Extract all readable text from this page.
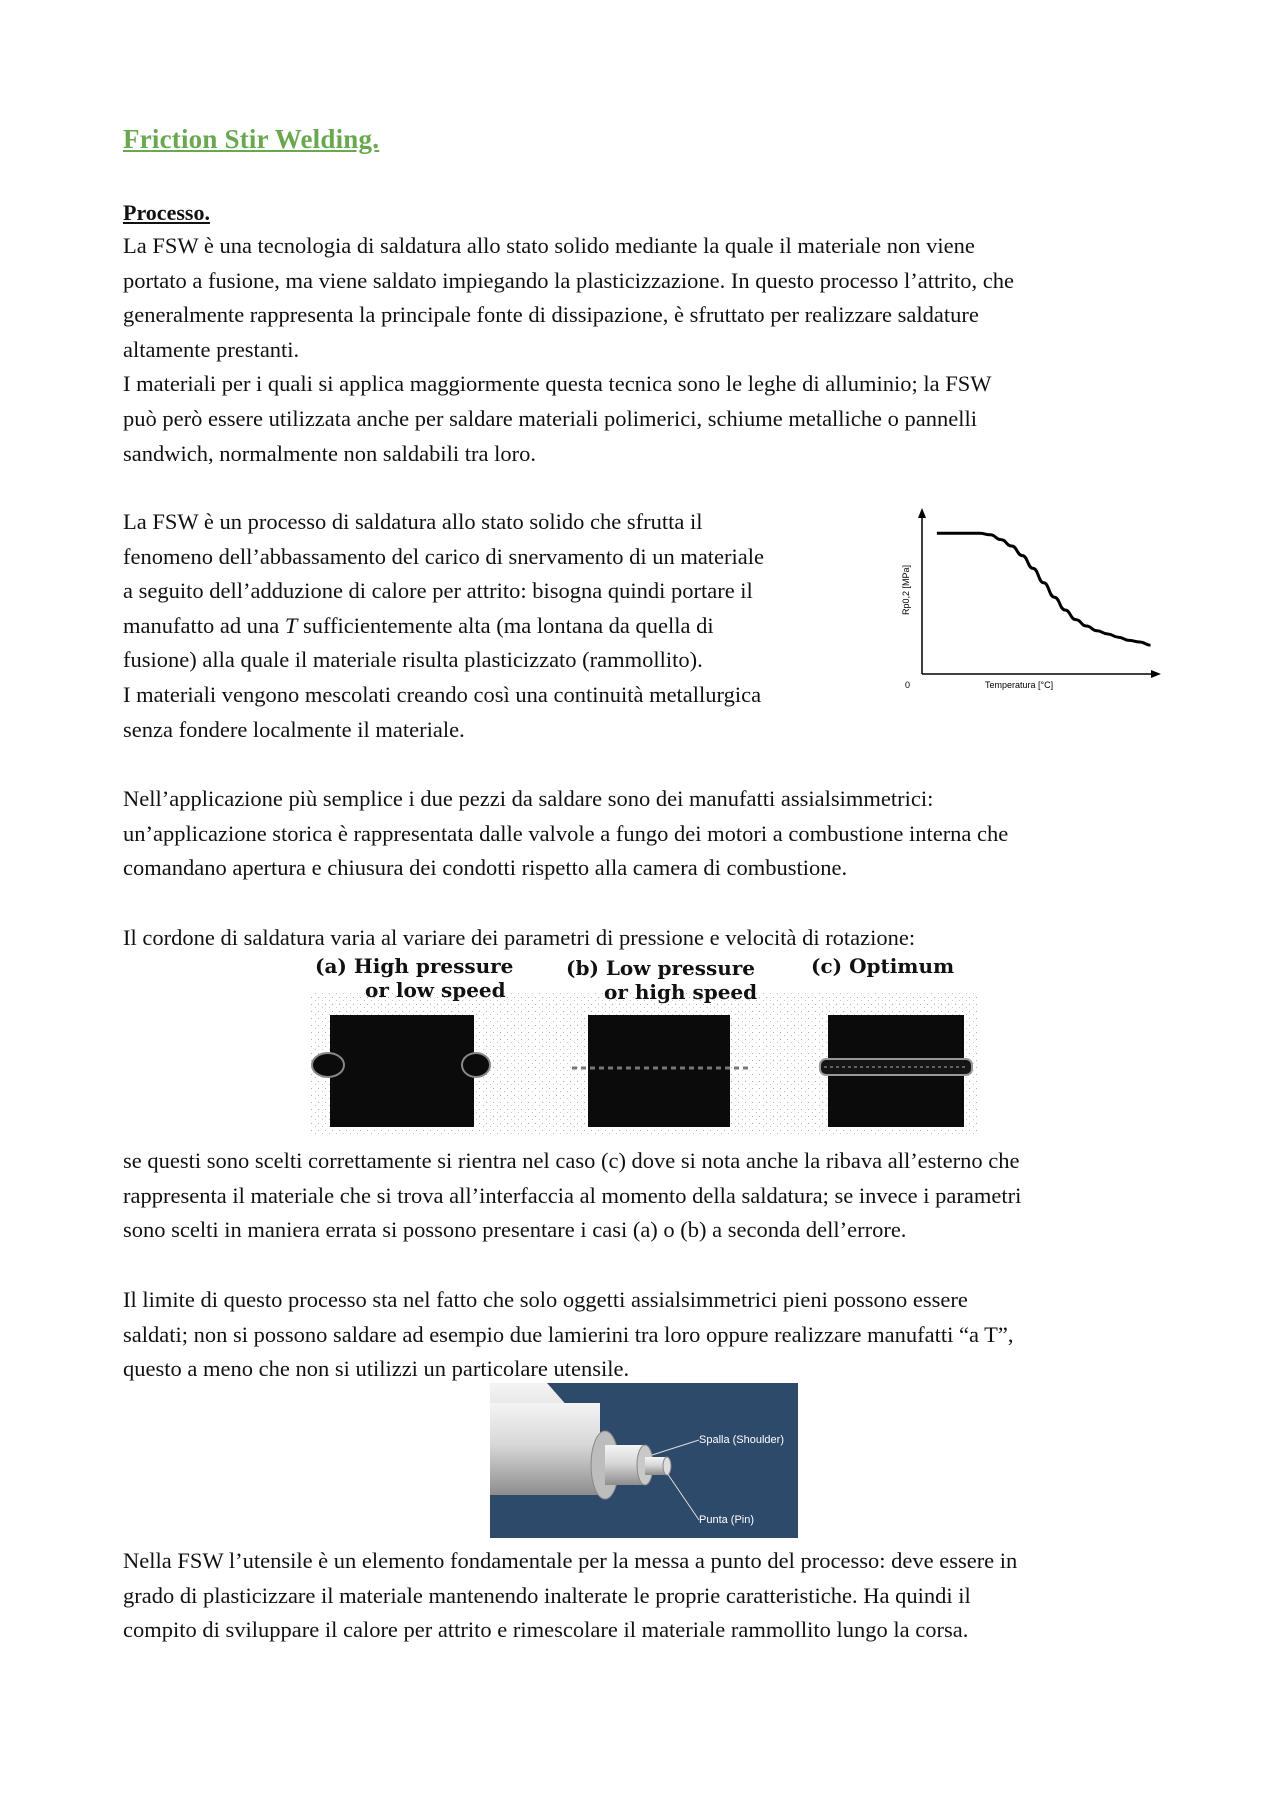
Friction Stir Welding.
Processo.

La FSW è una tecnologia di saldatura allo stato solido mediante la quale il materiale non viene
portato a fusione, ma viene saldato impiegando la plasticizzazione. In questo processo l’attrito, che
generalmente rappresenta la principale fonte di dissipazione, è sfruttato per realizzare saldature
altamente prestanti.
I materiali per i quali si applica maggiormente questa tecnica sono le leghe di alluminio; la FSW
può però essere utilizzata anche per saldare materiali polimerici, schiume metalliche o pannelli
sandwich, normalmente non saldabili tra loro.

La FSW è un processo di saldatura allo stato solido che sfrutta il
fenomeno dell’abbassamento del carico di snervamento di un materiale
a seguito dell’adduzione di calore per attrito: bisogna quindi portare il
manufatto ad una T sufficientemente alta (ma lontana da quella di
fusione) alla quale il materiale risulta plasticizzato (rammollito).
I materiali vengono mescolati creando così una continuità metallurgica
senza fondere localmente il materiale.

Nell’applicazione più semplice i due pezzi da saldare sono dei manufatti assialsimmetrici:
un’applicazione storica è rappresentata dalle valvole a fungo dei motori a combustione interna che
comandano apertura e chiusura dei condotti rispetto alla camera di combustione.

Il cordone di saldatura varia al variare dei parametri di pressione e velocità di rotazione:

se questi sono scelti correttamente si rientra nel caso (c) dove si nota anche la ribava all’esterno che
rappresenta il materiale che si trova all’interfaccia al momento della saldatura; se invece i parametri
sono scelti in maniera errata si possono presentare i casi (a) o (b) a seconda dell’errore.

Il limite di questo processo sta nel fatto che solo oggetti assialsimmetrici pieni possono essere
saldati; non si possono saldare ad esempio due lamierini tra loro oppure realizzare manufatti “a T”,
questo a meno che non si utilizzi un particolare utensile.

Nella FSW l’utensile è un elemento fondamentale per la messa a punto del processo: deve essere in
grado di plasticizzare il materiale mantenendo inalterate le proprie caratteristiche. Ha quindi il
compito di sviluppare il calore per attrito e rimescolare il materiale rammollito lungo la corsa.

0	Temperatura [°C]
Rp0,2 [MPa]
(a) High pressure
or low speed
(b) Low pressure
or high speed
(c) Optimum
Spalla (Shoulder)
Punta (Pin)
